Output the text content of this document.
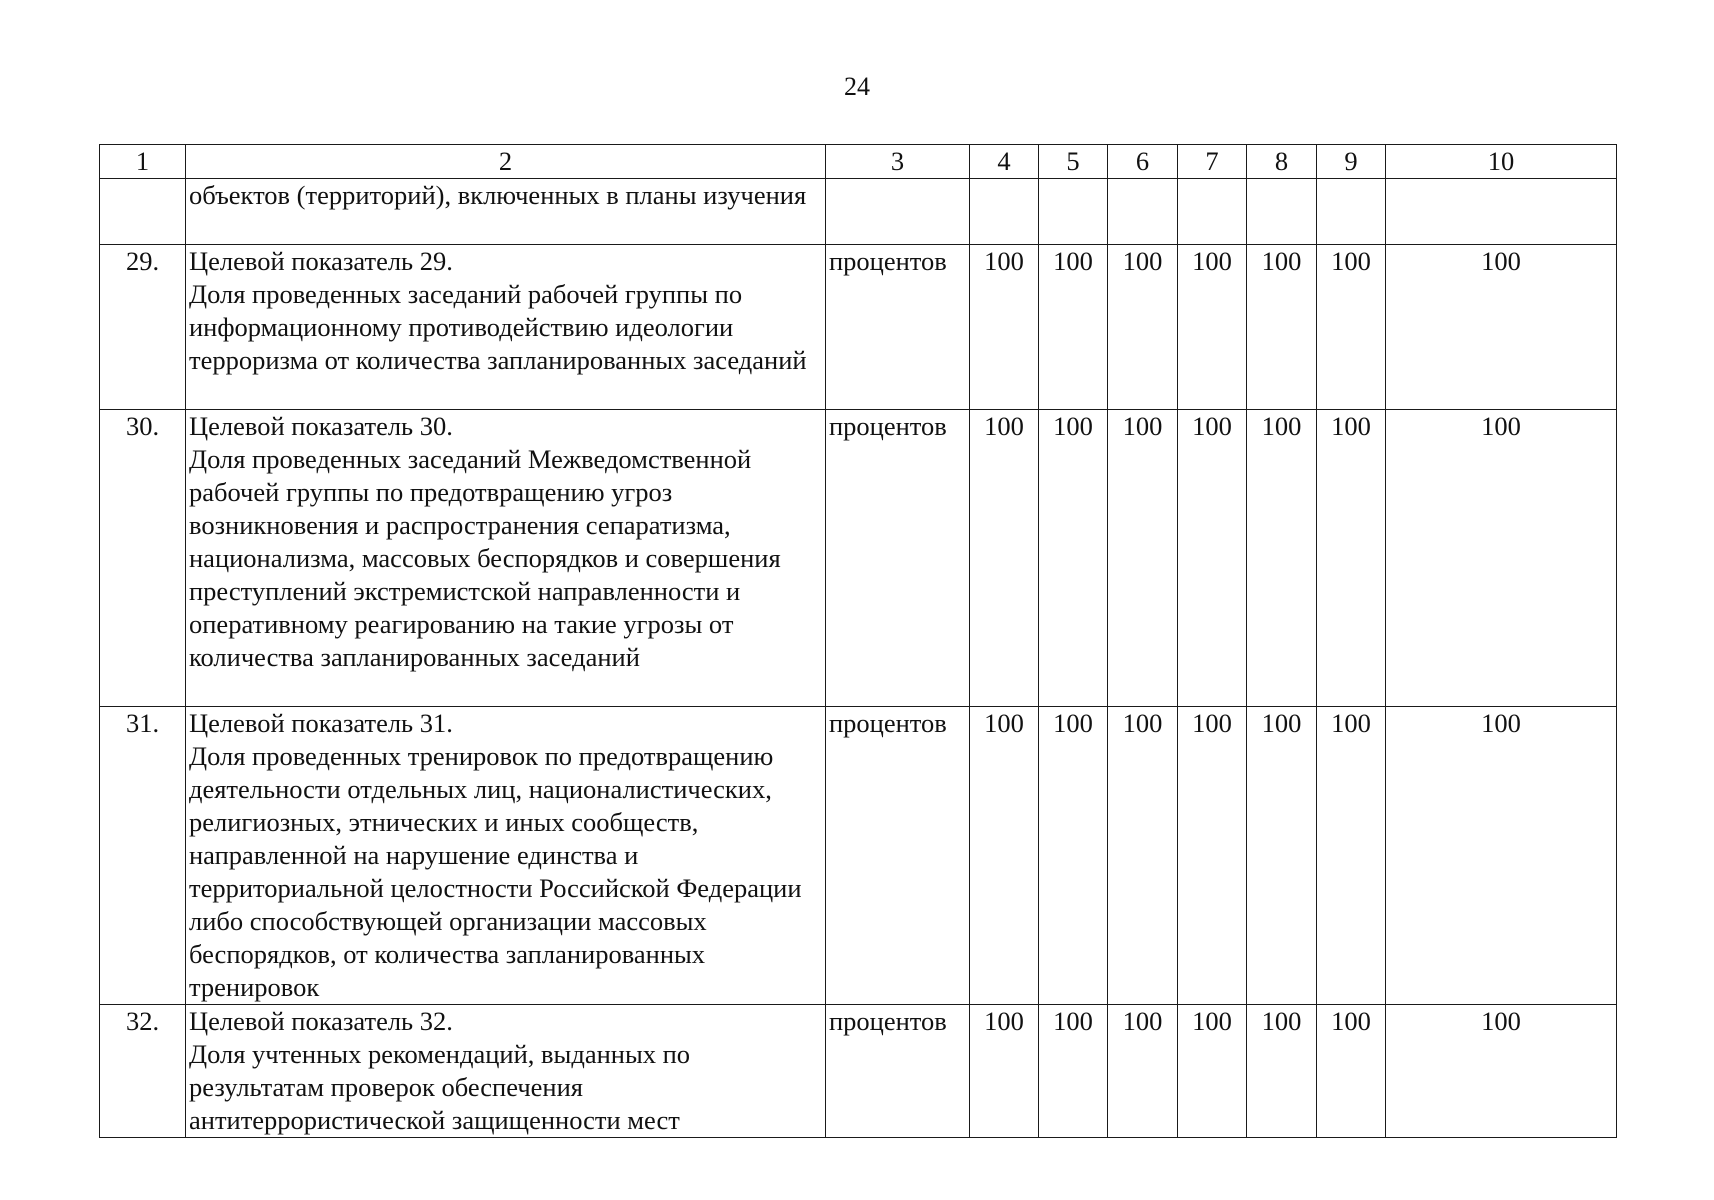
24
1	2	3	4	5	6	7	8	9	10
	объектов (территорий), включенных в планы изучения								
29.	Целевой показатель 29.
Доля проведенных заседаний рабочей группы по информационному противодействию идеологии терроризма от количества запланированных заседаний	процентов	100	100	100	100	100	100	100
30.	Целевой показатель 30.
Доля проведенных заседаний Межведомственной рабочей группы по предотвращению угроз возникновения и распространения сепаратизма, национализма, массовых беспорядков и совершения преступлений экстремистской направленности и оперативному реагированию на такие угрозы от количества запланированных заседаний	процентов	100	100	100	100	100	100	100
31.	Целевой показатель 31.
Доля проведенных тренировок по предотвращению деятельности отдельных лиц, националистических, религиозных, этнических и иных сообществ, направленной на нарушение единства и территориальной целостности Российской Федерации либо способствующей организации массовых беспорядков, от количества запланированных тренировок	процентов	100	100	100	100	100	100	100
32.	Целевой показатель 32.
Доля учтенных рекомендаций, выданных по результатам проверок обеспечения антитеррористической защищенности мест	процентов	100	100	100	100	100	100	100
